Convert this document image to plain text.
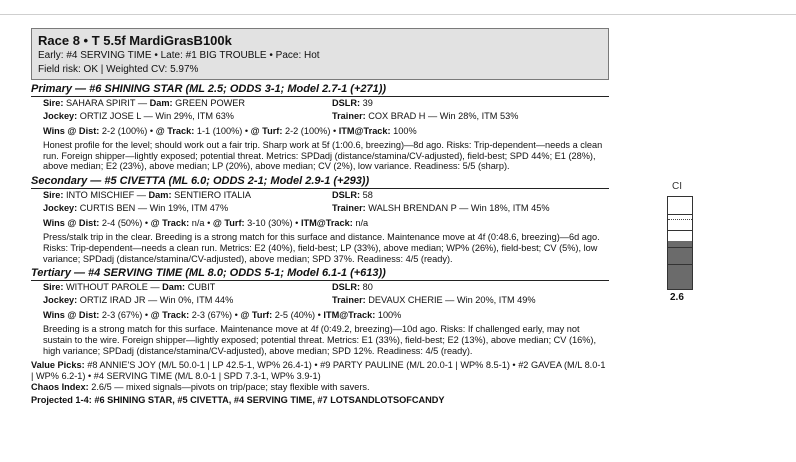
Race 8 • T 5.5f MardiGrasB100k
Early: #4 SERVING TIME • Late: #1 BIG TROUBLE • Pace: Hot
Field risk: OK | Weighted CV: 5.97%
Primary — #6 SHINING STAR (ML 2.5; ODDS 3-1; Model 2.7-1 (+271))
Sire: SAHARA SPIRIT — Dam: GREEN POWER	DSLR: 39
Jockey: ORTIZ JOSE L — Win 29%, ITM 63%	Trainer: COX BRAD H — Win 28%, ITM 53%
Wins @ Dist: 2-2 (100%) • @ Track: 1-1 (100%) • @ Turf: 2-2 (100%) • ITM@Track: 100%
Honest profile for the level; should work out a fair trip. Sharp work at 5f (1:00.6, breezing)—8d ago. Risks: Trip-dependent—needs a clean run. Foreign shipper—lightly exposed; potential threat. Metrics: SPDadj (distance/stamina/CV-adjusted), field-best; SPD 44%; E1 (28%), above median; E2 (23%), above median; LP (20%), above median; CV (2%), low variance. Readiness: 5/5 (sharp).
Secondary — #5 CIVETTA (ML 6.0; ODDS 2-1; Model 2.9-1 (+293))
Sire: INTO MISCHIEF — Dam: SENTIERO ITALIA	DSLR: 58
Jockey: CURTIS BEN — Win 19%, ITM 47%	Trainer: WALSH BRENDAN P — Win 18%, ITM 45%
Wins @ Dist: 2-4 (50%) • @ Track: n/a • @ Turf: 3-10 (30%) • ITM@Track: n/a
Press/stalk trip in the clear. Breeding is a strong match for this surface and distance. Maintenance move at 4f (0:48.6, breezing)—6d ago. Risks: Trip-dependent—needs a clean run. Metrics: E2 (40%), field-best; LP (33%), above median; WP% (26%), field-best; CV (5%), low variance; SPDadj (distance/stamina/CV-adjusted), above median; SPD 37%. Readiness: 4/5 (ready).
Tertiary — #4 SERVING TIME (ML 8.0; ODDS 5-1; Model 6.1-1 (+613))
Sire: WITHOUT PAROLE — Dam: CUBIT	DSLR: 80
Jockey: ORTIZ IRAD JR — Win 0%, ITM 44%	Trainer: DEVAUX CHERIE — Win 20%, ITM 49%
Wins @ Dist: 2-3 (67%) • @ Track: 2-3 (67%) • @ Turf: 2-5 (40%) • ITM@Track: 100%
Breeding is a strong match for this surface. Maintenance move at 4f (0:49.2, breezing)—10d ago. Risks: If challenged early, may not sustain to the wire. Foreign shipper—lightly exposed; potential threat. Metrics: E1 (33%), field-best; E2 (13%), above median; CV (16%), high variance; SPDadj (distance/stamina/CV-adjusted), above median; SPD 12%. Readiness: 4/5 (ready).
Value Picks: #8 ANNIE'S JOY (M/L 50.0-1 | LP 42.5-1, WP% 26.4-1) • #9 PARTY PAULINE (M/L 20.0-1 | WP% 8.5-1) • #2 GAVEA (M/L 8.0-1 | WP% 6.2-1) • #4 SERVING TIME (M/L 8.0-1 | SPD 7.3-1, WP% 3.9-1)
Chaos Index: 2.6/5 — mixed signals—pivots on trip/pace; stay flexible with savers.
Projected 1-4: #6 SHINING STAR, #5 CIVETTA, #4 SERVING TIME, #7 LOTSANDLOTSOFCANDY
CI
2.6
